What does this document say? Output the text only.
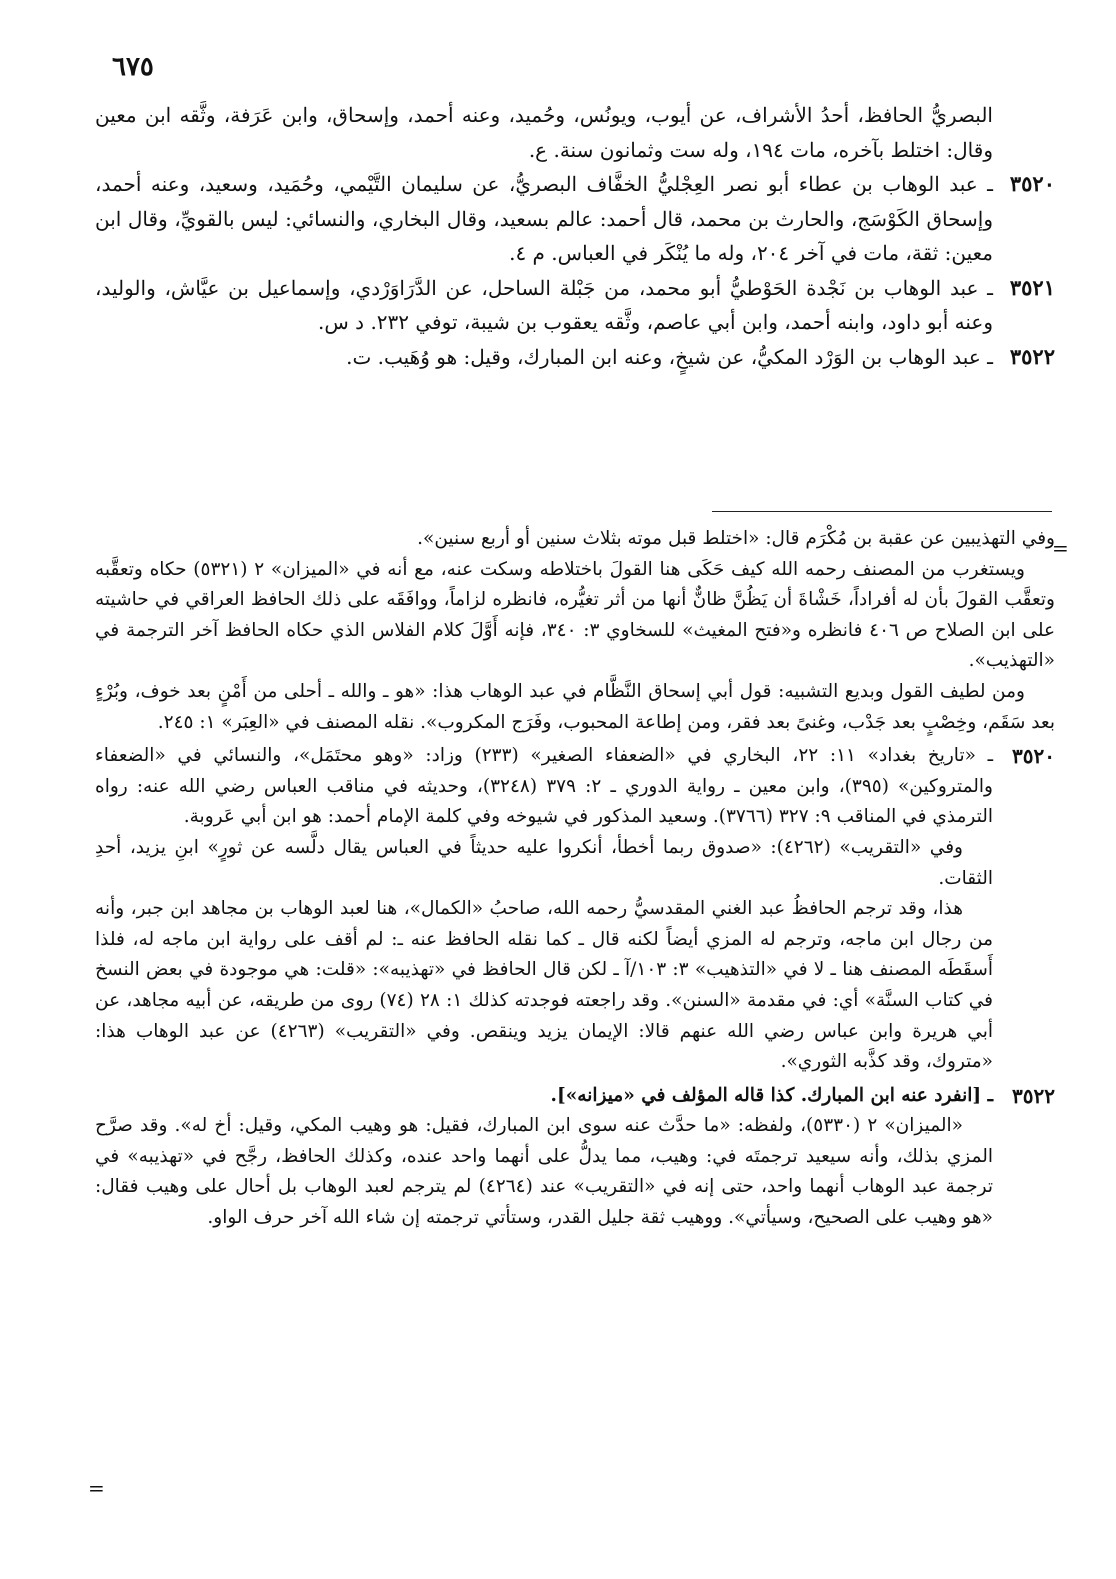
٦٧٥

البصريُّ الحافظ، أحدُ الأشراف، عن أيوب، ويونُس، وحُميد، وعنه أحمد، وإسحاق، وابن عَرَفة، وثَّقه ابن معين وقال: اختلط بآخره، مات ١٩٤، وله ست وثمانون سنة. ع.

٣٥٢٠
ـ عبد الوهاب بن عطاء أبو نصر العِجْليُّ الخفَّاف البصريُّ، عن سليمان التَّيْمي، وحُمَيد، وسعيد، وعنه أحمد، وإسحاق الكَوْسَج، والحارث بن محمد، قال أحمد: عالم بسعيد، وقال البخاري، والنسائي: ليس بالقويِّ، وقال ابن معين: ثقة، مات في آخر ٢٠٤، وله ما يُنْكَر في العباس. م ٤.

٣٥٢١
ـ عبد الوهاب بن نَجْدة الحَوْطيُّ أبو محمد، من جَبْلة الساحل، عن الدَّرَاوَرْدي، وإسماعيل بن عيَّاش، والوليد، وعنه أبو داود، وابنه أحمد، وابن أبي عاصم، وثَّقه يعقوب بن شيبة، توفي ٢٣٢. د س.

٣٥٢٢
ـ عبد الوهاب بن الوَرْد المكيُّ، عن شيخٍ، وعنه ابن المبارك، وقيل: هو وُهَيب. ت.

=

وفي التهذيبين عن عقبة بن مُكْرَم قال: «اختلط قبل موته بثلاث سنين أو أربع سنين».

ويستغرب من المصنف رحمه الله كيف حَكَى هنا القولَ باختلاطه وسكت عنه، مع أنه في «الميزان» ٢ (٥٣٢١) حكاه وتعقَّبه وتعقَّب القولَ بأن له أفراداً، خَشْاةَ أن يَظُنَّ ظانٌّ أنها من أثر تغيُّره، فانظره لزاماً، ووافَقَه على ذلك الحافظ العراقي في حاشيته على ابن الصلاح ص ٤٠٦ فانظره و«فتح المغيث» للسخاوي ٣: ٣٤٠، فإنه أَوَّلَ كلام الفلاس الذي حكاه الحافظ آخر الترجمة في «التهذيب».

ومن لطيف القول وبديع التشبيه: قول أبي إسحاق النَّظَّام في عبد الوهاب هذا: «هو ـ والله ـ أحلى من أَمْنٍ بعد خوف، وبُرْءٍ بعد سَقَم، وخِصْبٍ بعد جَدْب، وغنىً بعد فقر، ومن إطاعة المحبوب، وفَرَج المكروب». نقله المصنف في «العِبَر» ١: ٢٤٥.

٣٥٢٠

ـ «تاريخ بغداد» ١١: ٢٢، البخاري في «الضعفاء الصغير» (٢٣٣) وزاد: «وهو محتَمَل»، والنسائي في «الضعفاء والمتروكين» (٣٩٥)، وابن معين ـ رواية الدوري ـ ٢: ٣٧٩ (٣٢٤٨)، وحديثه في مناقب العباس رضي الله عنه: رواه الترمذي في المناقب ٩: ٣٢٧ (٣٧٦٦). وسعيد المذكور في شيوخه وفي كلمة الإمام أحمد: هو ابن أبي عَروبة.

وفي «التقريب» (٤٢٦٢): «صدوق ربما أخطأ، أنكروا عليه حديثاً في العباس يقال دلَّسه عن ثورٍ» ابنِ يزيد، أحدِ الثقات.

هذا، وقد ترجم الحافظُ عبد الغني المقدسيُّ رحمه الله، صاحبُ «الكمال»، هنا لعبد الوهاب بن مجاهد ابن جبر، وأنه من رجال ابن ماجه، وترجم له المزي أيضاً لكنه قال ـ كما نقله الحافظ عنه ـ: لم أقف على رواية ابن ماجه له، فلذا أَسقَطَه المصنف هنا ـ لا في «التذهيب» ٣: ١٠٣/آ ـ لكن قال الحافظ في «تهذيبه»: «قلت: هي موجودة في بعض النسخ في كتاب السنَّة» أي: في مقدمة «السنن». وقد راجعته فوجدته كذلك ١: ٢٨ (٧٤) روى من طريقه، عن أبيه مجاهد، عن أبي هريرة وابن عباس رضي الله عنهم قالا: الإيمان يزيد وينقص. وفي «التقريب» (٤٢٦٣) عن عبد الوهاب هذا: «متروك، وقد كذَّبه الثوري».

٣٥٢٢

ـ [انفرد عنه ابن المبارك. كذا قاله المؤلف في «ميزانه»].

«الميزان» ٢ (٥٣٣٠)، ولفظه: «ما حدَّث عنه سوى ابن المبارك، فقيل: هو وهيب المكي، وقيل: أخ له». وقد صرَّح المزي بذلك، وأنه سيعيد ترجمتَه في: وهيب، مما يدلُّ على أنهما واحد عنده، وكذلك الحافظ، رجَّح في «تهذيبه» في ترجمة عبد الوهاب أنهما واحد، حتى إنه في «التقريب» عند (٤٢٦٤) لم يترجم لعبد الوهاب بل أحال على وهيب فقال: «هو وهيب على الصحيح، وسيأتي». ووهيب ثقة جليل القدر، وستأتي ترجمته إن شاء الله آخر حرف الواو.

=
